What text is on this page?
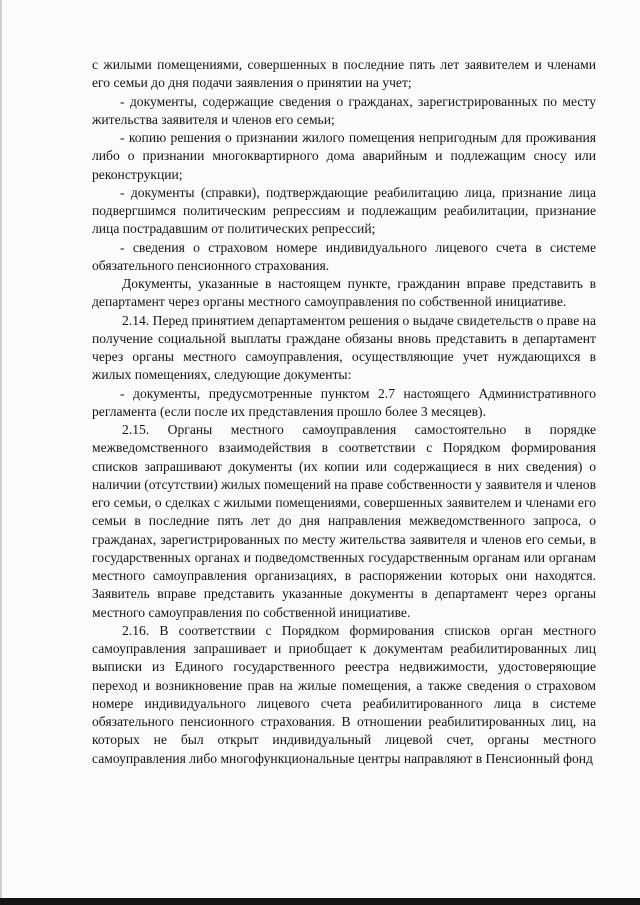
с жилыми помещениями, совершенных в последние пять лет заявителем и членами его семьи до дня подачи заявления о принятии на учет;

- документы, содержащие сведения о гражданах, зарегистрированных по месту жительства заявителя и членов его семьи;

- копию решения о признании жилого помещения непригодным для проживания либо о признании многоквартирного дома аварийным и подлежащим сносу или реконструкции;

- документы (справки), подтверждающие реабилитацию лица, признание лица подвергшимся политическим репрессиям и подлежащим реабилитации, признание лица пострадавшим от политических репрессий;

- сведения о страховом номере индивидуального лицевого счета в системе обязательного пенсионного страхования.

Документы, указанные в настоящем пункте, гражданин вправе представить в департамент через органы местного самоуправления по собственной инициативе.

2.14. Перед принятием департаментом решения о выдаче свидетельств о праве на получение социальной выплаты граждане обязаны вновь представить в департамент через органы местного самоуправления, осуществляющие учет нуждающихся в жилых помещениях, следующие документы:

- документы, предусмотренные пунктом 2.7 настоящего Административного регламента (если после их представления прошло более 3 месяцев).

2.15. Органы местного самоуправления самостоятельно в порядке межведомственного взаимодействия в соответствии с Порядком формирования списков запрашивают документы (их копии или содержащиеся в них сведения) о наличии (отсутствии) жилых помещений на праве собственности у заявителя и членов его семьи, о сделках с жилыми помещениями, совершенных заявителем и членами его семьи в последние пять лет до дня направления межведомственного запроса, о гражданах, зарегистрированных по месту жительства заявителя и членов его семьи, в государственных органах и подведомственных государственным органам или органам местного самоуправления организациях, в распоряжении которых они находятся. Заявитель вправе представить указанные документы в департамент через органы местного самоуправления по собственной инициативе.

2.16. В соответствии с Порядком формирования списков орган местного самоуправления запрашивает и приобщает к документам реабилитированных лиц выписки из Единого государственного реестра недвижимости, удостоверяющие переход и возникновение прав на жилые помещения, а также сведения о страховом номере индивидуального лицевого счета реабилитированного лица в системе обязательного пенсионного страхования. В отношении реабилитированных лиц, на которых не был открыт индивидуальный лицевой счет, органы местного самоуправления либо многофункциональные центры направляют в Пенсионный фонд
